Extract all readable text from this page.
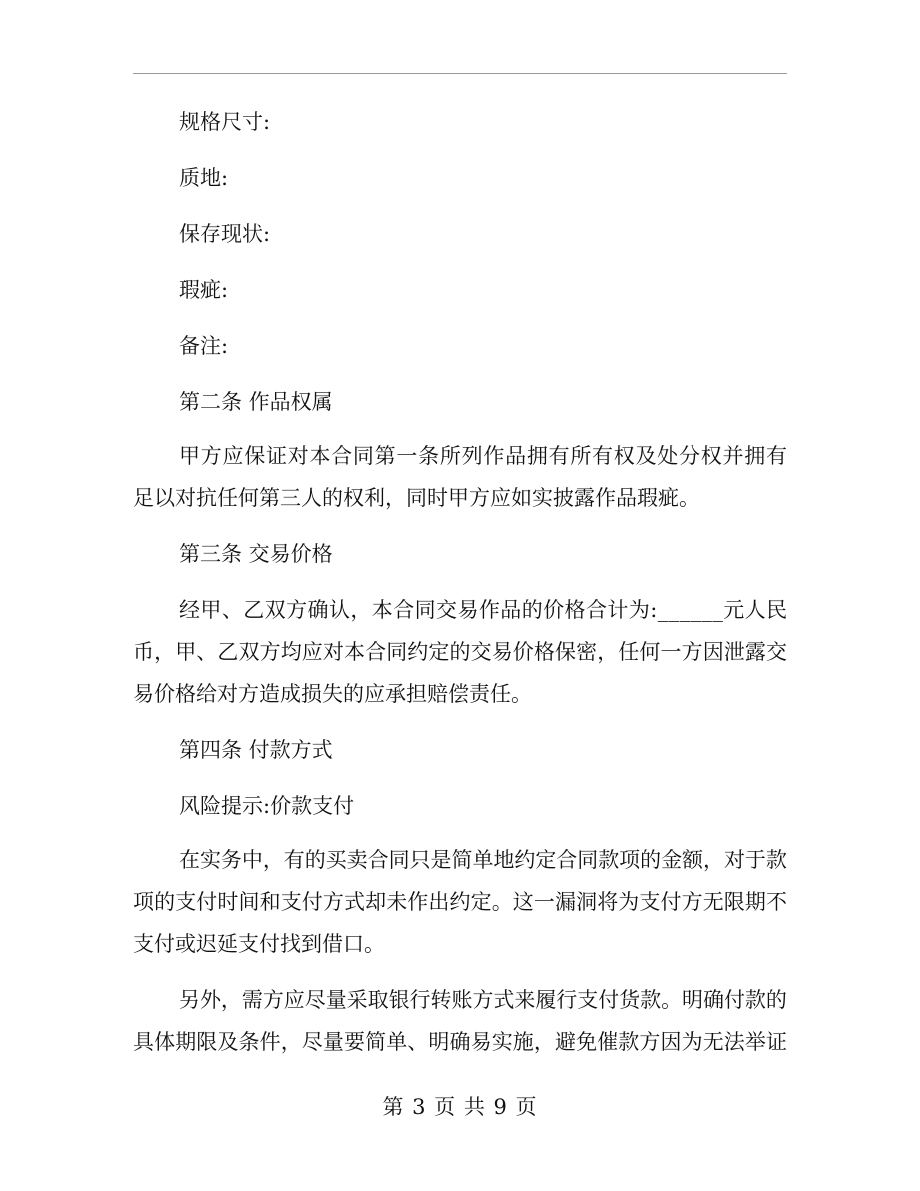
规格尺寸:
质地:
保存现状:
瑕疵:
备注:
第二条 作品权属
甲方应保证对本合同第一条所列作品拥有所有权及处分权并拥有
足以对抗任何第三人的权利，同时甲方应如实披露作品瑕疵。
第三条 交易价格
经甲、乙双方确认，本合同交易作品的价格合计为:______元人民
币，甲、乙双方均应对本合同约定的交易价格保密，任何一方因泄露交
易价格给对方造成损失的应承担赔偿责任。
第四条 付款方式
风险提示:价款支付
在实务中，有的买卖合同只是简单地约定合同款项的金额，对于款
项的支付时间和支付方式却未作出约定。这一漏洞将为支付方无限期不
支付或迟延支付找到借口。
另外，需方应尽量采取银行转账方式来履行支付货款。明确付款的
具体期限及条件，尽量要简单、明确易实施，避免催款方因为无法举证
第 3 页 共 9 页
